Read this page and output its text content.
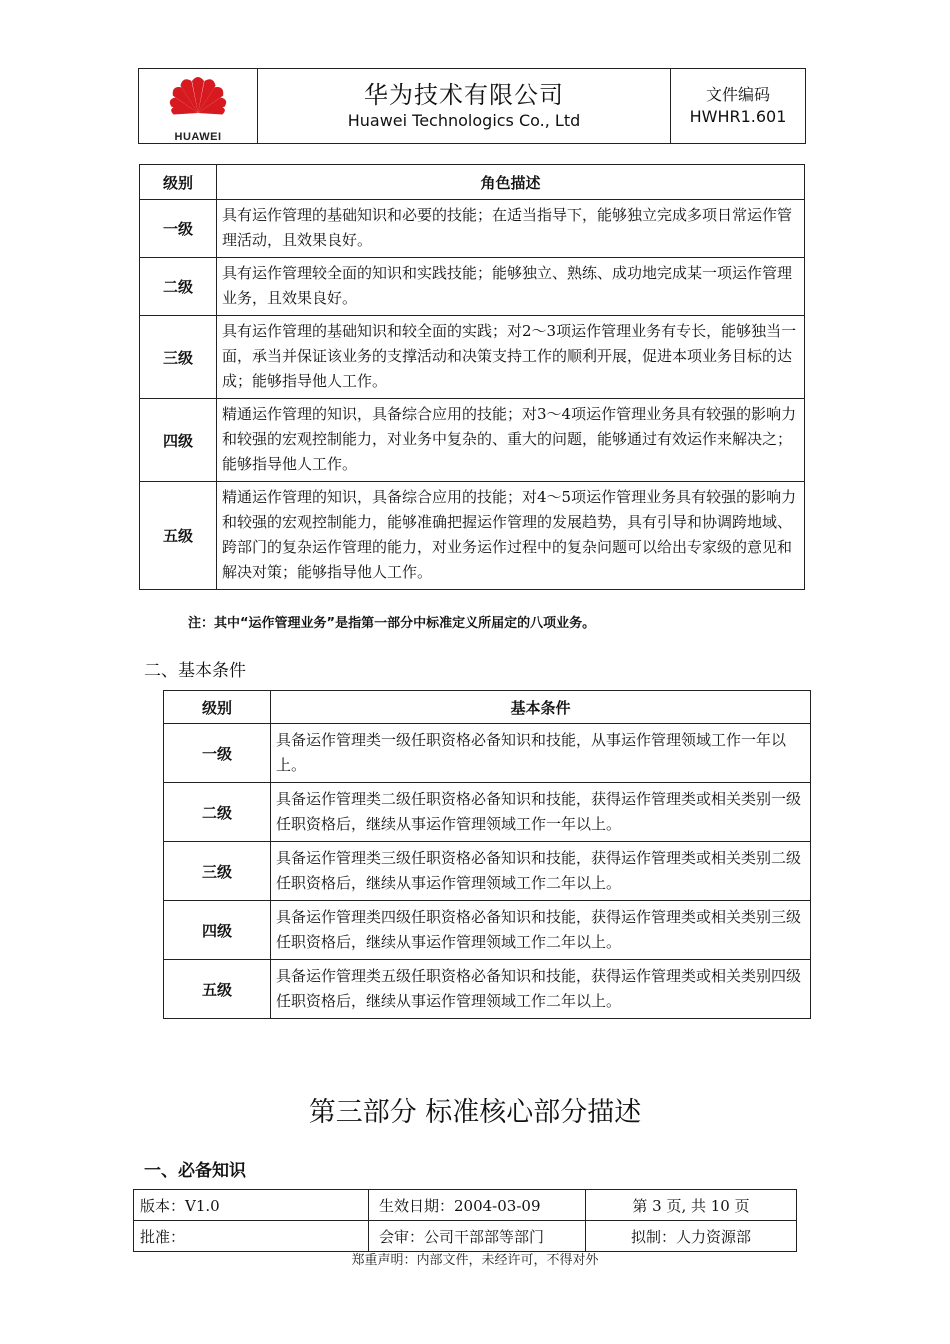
HUAWEI

华为技术有限公司
Huawei Technologics Co., Ltd

文件编码
HWHR1.601
级别	角色描述
一级	具有运作管理的基础知识和必要的技能；在适当指导下，能够独立完成多项日常运作管理活动，且效果良好。
二级	具有运作管理较全面的知识和实践技能；能够独立、熟练、成功地完成某一项运作管理业务，且效果良好。
三级	具有运作管理的基础知识和较全面的实践；对2～3项运作管理业务有专长，能够独当一面，承当并保证该业务的支撑活动和决策支持工作的顺利开展，促进本项业务目标的达成；能够指导他人工作。
四级	精通运作管理的知识，具备综合应用的技能；对3～4项运作管理业务具有较强的影响力和较强的宏观控制能力，对业务中复杂的、重大的问题，能够通过有效运作来解决之；能够指导他人工作。
五级	精通运作管理的知识，具备综合应用的技能；对4～5项运作管理业务具有较强的影响力和较强的宏观控制能力，能够准确把握运作管理的发展趋势，具有引导和协调跨地域、跨部门的复杂运作管理的能力，对业务运作过程中的复杂问题可以给出专家级的意见和解决对策；能够指导他人工作。
注：其中“运作管理业务”是指第一部分中标准定义所届定的八项业务。
二、基本条件
级别	基本条件
一级	具备运作管理类一级任职资格必备知识和技能，从事运作管理领域工作一年以上。
二级	具备运作管理类二级任职资格必备知识和技能，获得运作管理类或相关类别一级任职资格后，继续从事运作管理领域工作一年以上。
三级	具备运作管理类三级任职资格必备知识和技能，获得运作管理类或相关类别二级任职资格后，继续从事运作管理领域工作二年以上。
四级	具备运作管理类四级任职资格必备知识和技能，获得运作管理类或相关类别三级任职资格后，继续从事运作管理领域工作二年以上。
五级	具备运作管理类五级任职资格必备知识和技能，获得运作管理类或相关类别四级任职资格后，继续从事运作管理领域工作二年以上。
第三部分 标准核心部分描述
一、必备知识
版本：V1.0	生效日期：2004-03-09	第 3 页, 共 10 页
批准：	会审：公司干部部等部门	拟制：人力资源部
郑重声明：内部文件，未经许可，不得对外
